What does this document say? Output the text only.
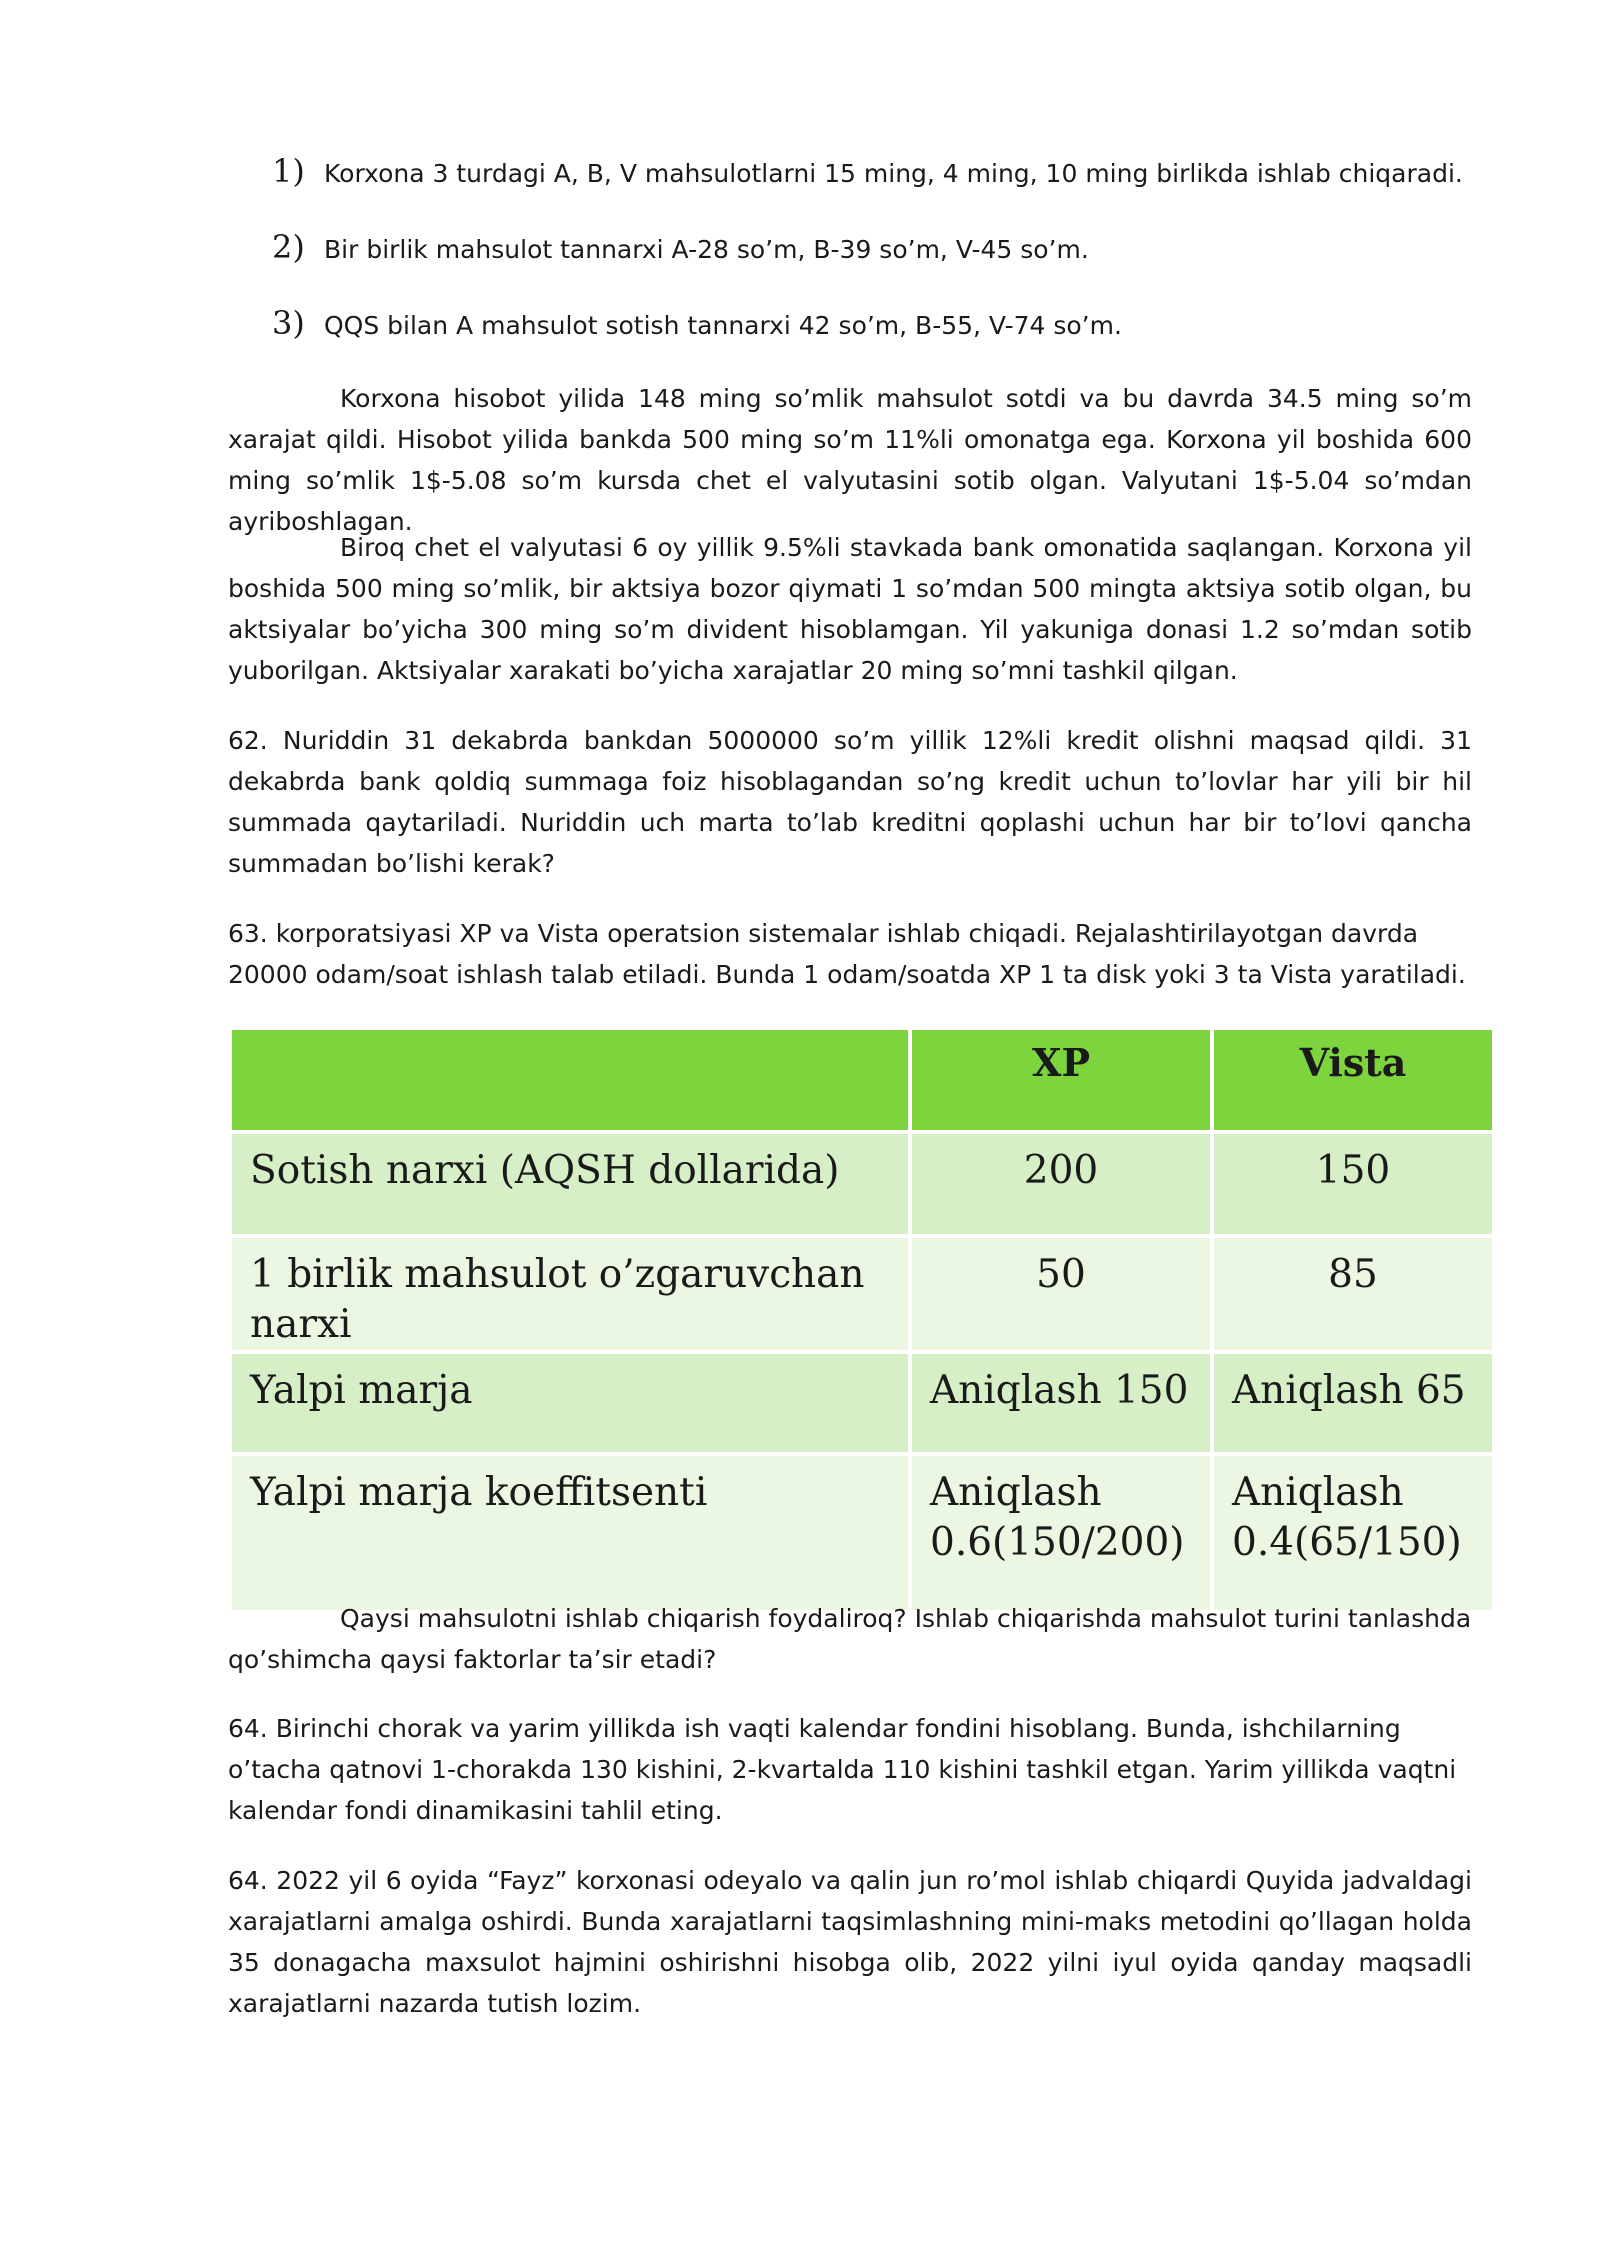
1) Korxona 3 turdagi A, B, V mahsulotlarni 15 ming, 4 ming, 10 ming birlikda ishlab chiqaradi.
2) Bir birlik mahsulot tannarxi A-28 so’m, B-39 so’m, V-45 so’m.
3) QQS bilan A mahsulot sotish tannarxi 42 so’m, B-55, V-74 so’m.

Korxona hisobot yilida 148 ming so’mlik mahsulot sotdi va bu davrda 34.5 ming so’m xarajat qildi. Hisobot yilida bankda 500 ming so’m 11%li omonatga ega. Korxona yil boshida 600 ming so’mlik 1$-5.08 so’m kursda chet el valyutasini sotib olgan. Valyutani 1$-5.04 so’mdan ayriboshlagan.

Biroq chet el valyutasi 6 oy yillik 9.5%li stavkada bank omonatida saqlangan. Korxona yil boshida 500 ming so’mlik, bir aktsiya bozor qiymati 1 so’mdan 500 mingta aktsiya sotib olgan, bu aktsiyalar bo’yicha 300 ming so’m divident hisoblamgan. Yil yakuniga donasi 1.2 so’mdan sotib yuborilgan. Aktsiyalar xarakati bo’yicha xarajatlar 20 ming so’mni tashkil qilgan.

62. Nuriddin 31 dekabrda bankdan 5000000 so’m yillik 12%li kredit olishni maqsad qildi. 31 dekabrda bank qoldiq summaga foiz hisoblagandan so’ng kredit uchun to’lovlar har yili bir hil summada qaytariladi. Nuriddin uch marta to’lab kreditni qoplashi uchun har bir to’lovi qancha summadan bo’lishi kerak?

63. korporatsiyasi XP va Vista operatsion sistemalar ishlab chiqadi. Rejalashtirilayotgan davrda 20000 odam/soat ishlash talab etiladi. Bunda 1 odam/soatda XP 1 ta disk yoki 3 ta Vista yaratiladi.

	XP	Vista
Sotish narxi (AQSH dollarida)	200	150
1 birlik mahsulot o’zgaruvchan narxi	50	85
Yalpi marja	Aniqlash 150	Aniqlash 65
Yalpi marja koeffitsenti	Aniqlash 0.6(150/200)	Aniqlash 0.4(65/150)

Qaysi mahsulotni ishlab chiqarish foydaliroq? Ishlab chiqarishda mahsulot turini tanlashda qo’shimcha qaysi faktorlar ta’sir etadi?

64. Birinchi chorak va yarim yillikda ish vaqti kalendar fondini hisoblang. Bunda, ishchilarning o’tacha qatnovi 1-chorakda 130 kishini, 2-kvartalda 110 kishini tashkil etgan. Yarim yillikda vaqtni kalendar fondi dinamikasini tahlil eting.

64. 2022 yil 6 oyida “Fayz” korxonasi odeyalo va qalin jun ro’mol ishlab chiqardi Quyida jadvaldagi xarajatlarni amalga oshirdi. Bunda xarajatlarni taqsimlashning mini-maks metodini qo’llagan holda 35 donagacha maxsulot hajmini oshirishni hisobga olib, 2022 yilni iyul oyida qanday maqsadli xarajatlarni nazarda tutish lozim.
